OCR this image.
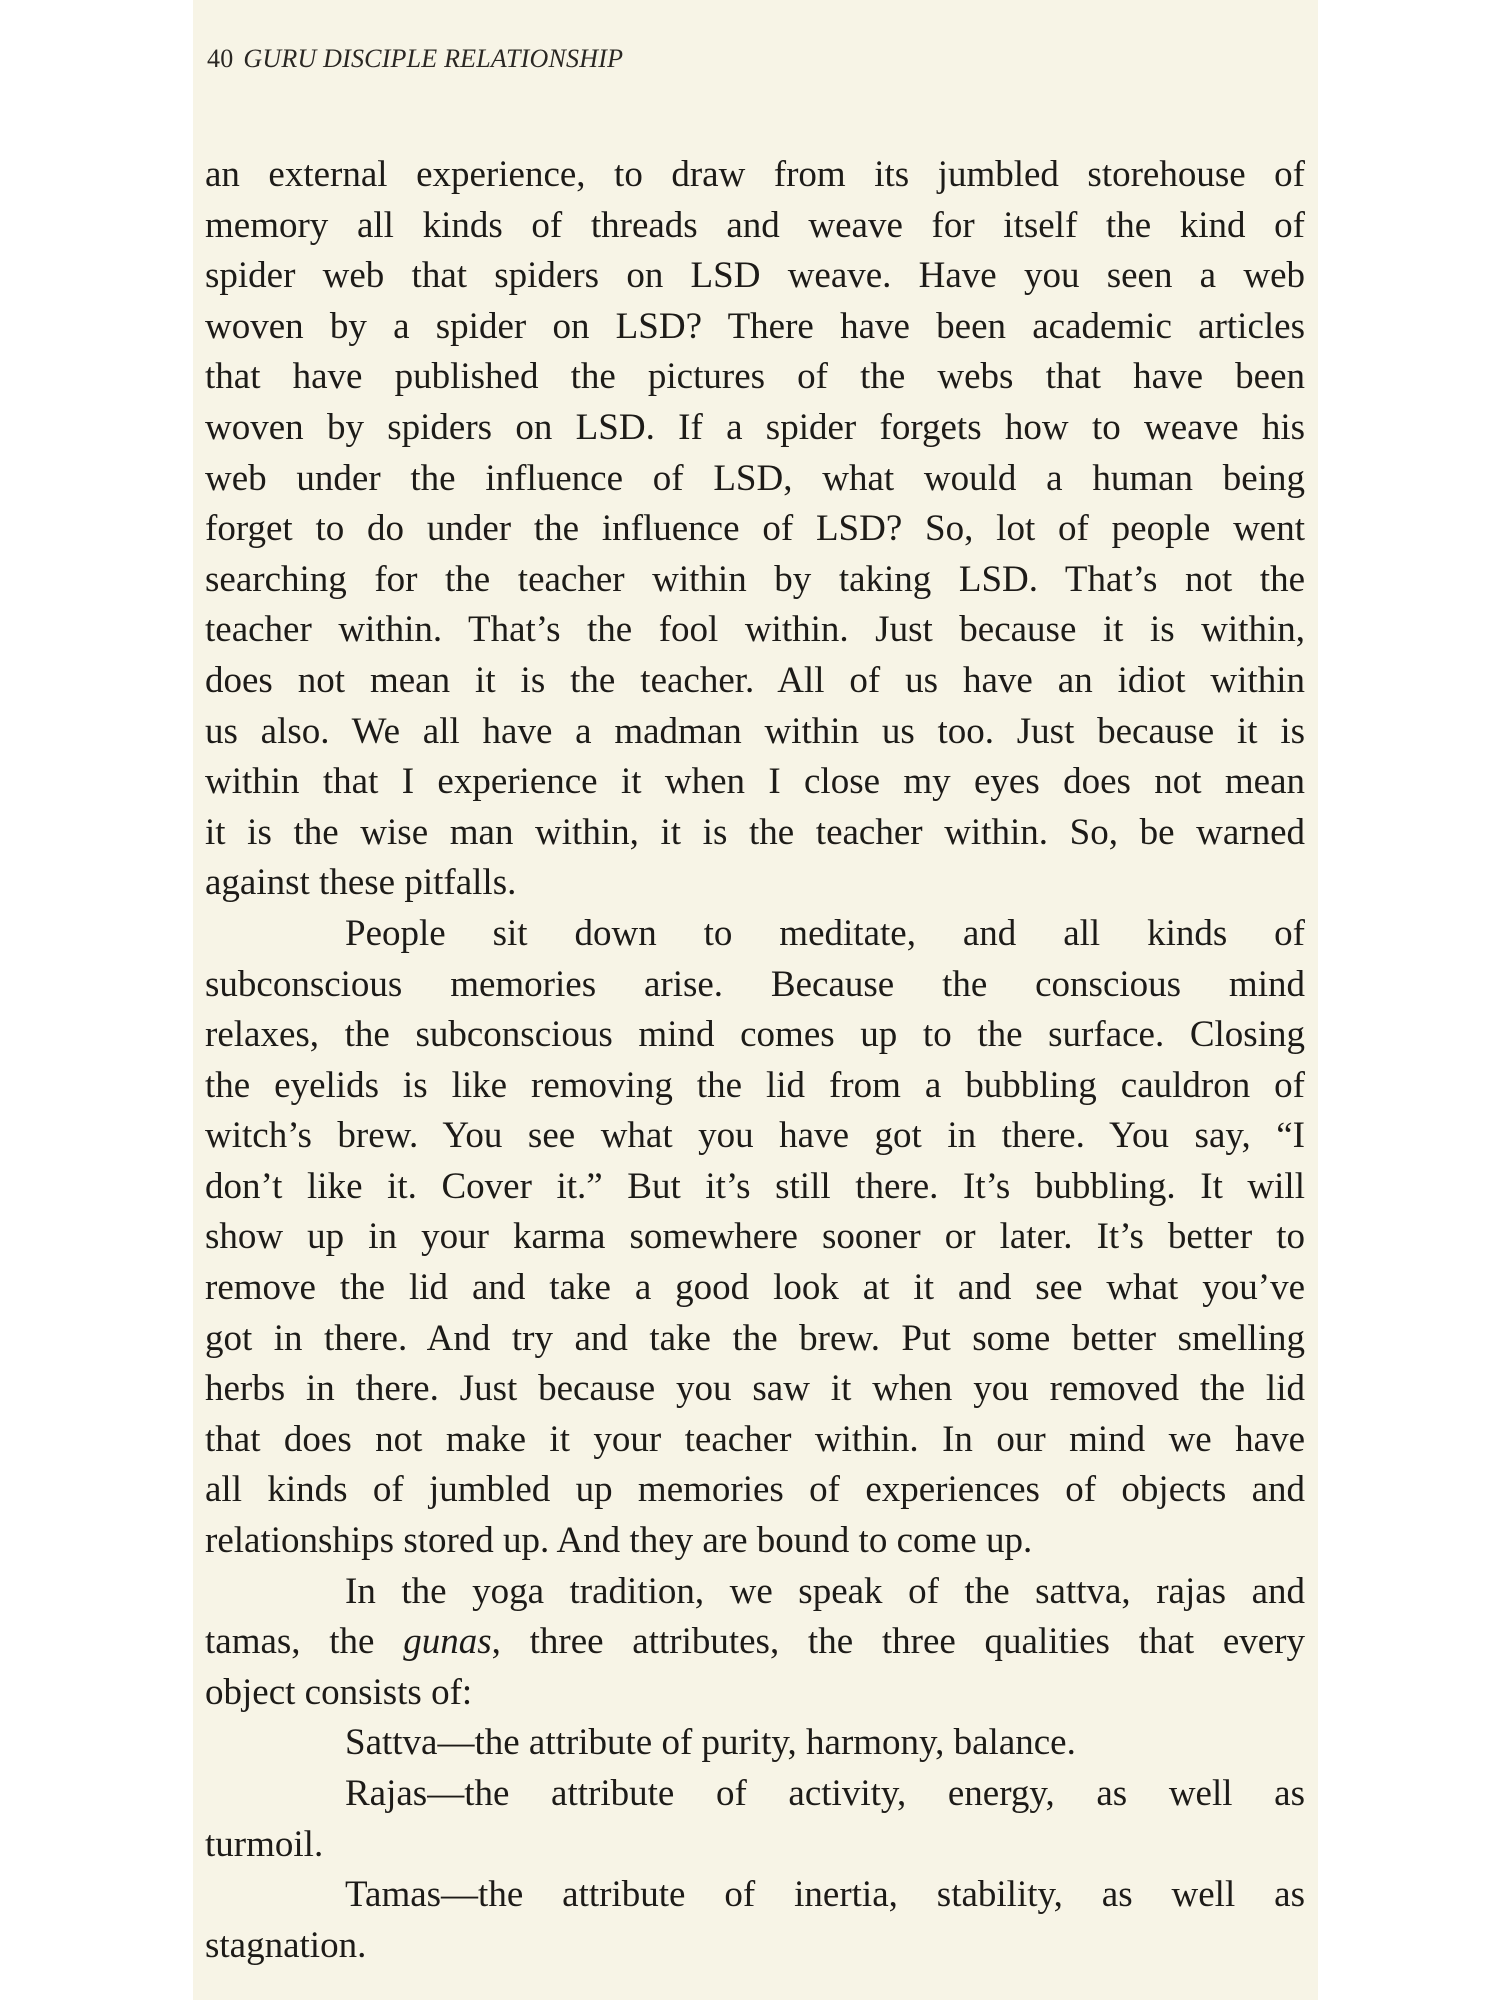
40 GURU DISCIPLE RELATIONSHIP
an external experience, to draw from its jumbled storehouse of
memory all kinds of threads and weave for itself the kind of
spider web that spiders on LSD weave. Have you seen a web
woven by a spider on LSD? There have been academic articles
that have published the pictures of the webs that have been
woven by spiders on LSD. If a spider forgets how to weave his
web under the influence of LSD, what would a human being
forget to do under the influence of LSD? So, lot of people went
searching for the teacher within by taking LSD. That’s not the
teacher within. That’s the fool within. Just because it is within,
does not mean it is the teacher. All of us have an idiot within
us also. We all have a madman within us too. Just because it is
within that I experience it when I close my eyes does not mean
it is the wise man within, it is the teacher within. So, be warned
against these pitfalls.
People sit down to meditate, and all kinds of
subconscious memories arise. Because the conscious mind
relaxes, the subconscious mind comes up to the surface. Closing
the eyelids is like removing the lid from a bubbling cauldron of
witch’s brew. You see what you have got in there. You say, “I
don’t like it. Cover it.” But it’s still there. It’s bubbling. It will
show up in your karma somewhere sooner or later. It’s better to
remove the lid and take a good look at it and see what you’ve
got in there. And try and take the brew. Put some better smelling
herbs in there. Just because you saw it when you removed the lid
that does not make it your teacher within. In our mind we have
all kinds of jumbled up memories of experiences of objects and
relationships stored up. And they are bound to come up.
In the yoga tradition, we speak of the sattva, rajas and
tamas, the gunas, three attributes, the three qualities that every
object consists of:
Sattva—the attribute of purity, harmony, balance.
Rajas—the attribute of activity, energy, as well as
turmoil.
Tamas—the attribute of inertia, stability, as well as
stagnation.
